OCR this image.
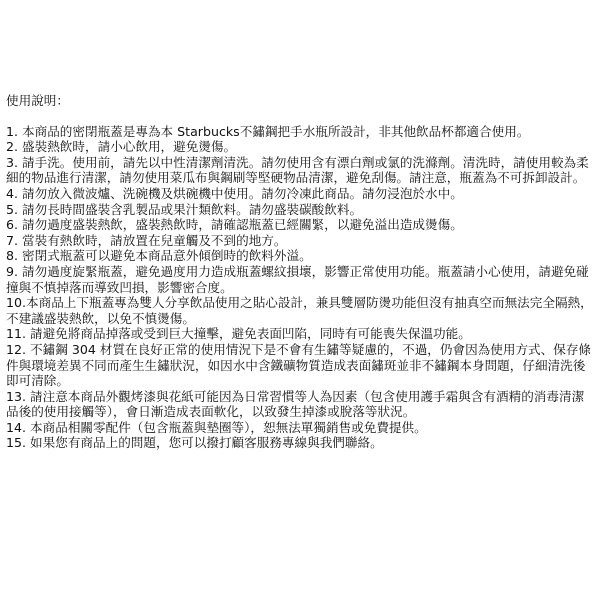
使用說明：

1. 本商品的密閉瓶蓋是專為本 Starbucks不鏽鋼把手水瓶所設計，非其他飲品杯都適合使用。

2. 盛裝熱飲時，請小心飲用，避免燙傷。

3. 請手洗。使用前，請先以中性清潔劑清洗。請勿使用含有漂白劑或氯的洗滌劑。清洗時，請使用較為柔細的物品進行清潔，請勿使用菜瓜布與鋼刷等堅硬物品清潔，避免刮傷。請注意，瓶蓋為不可拆卸設計。

4. 請勿放入微波爐、洗碗機及烘碗機中使用。請勿冷凍此商品。請勿浸泡於水中。

5. 請勿長時間盛裝含乳製品或果汁類飲料。請勿盛裝碳酸飲料。

6. 請勿過度盛裝熱飲，盛裝熱飲時，請確認瓶蓋已經關緊，以避免溢出造成燙傷。

7. 當裝有熱飲時，請放置在兒童觸及不到的地方。

8. 密閉式瓶蓋可以避免本商品意外傾倒時的飲料外溢。

9. 請勿過度旋緊瓶蓋，避免過度用力造成瓶蓋螺紋損壞，影響正常使用功能。瓶蓋請小心使用，請避免碰撞與不慎掉落而導致凹損，影響密合度。

10.本商品上下瓶蓋專為雙人分享飲品使用之貼心設計，兼具雙層防燙功能但沒有抽真空而無法完全隔熱，不建議盛裝熱飲，以免不慎燙傷。

11. 請避免將商品掉落或受到巨大撞擊，避免表面凹陷，同時有可能喪失保溫功能。

12. 不鏽鋼 304 材質在良好正常的使用情況下是不會有生鏽等疑慮的，不過，仍會因為使用方式、保存條件與環境差異不同而產生生鏽狀況，如因水中含鐵礦物質造成表面鏽斑並非不鏽鋼本身問題，仔細清洗後即可清除。

13. 請注意本商品外觀烤漆與花紙可能因為日常習慣等人為因素（包含使用護手霜與含有酒精的消毒清潔品後的使用接觸等），會日漸造成表面軟化，以致發生掉漆或脫落等狀況。

14. 本商品相關零配件（包含瓶蓋與墊圈等），恕無法單獨銷售或免費提供。

15. 如果您有商品上的問題，您可以撥打顧客服務專線與我們聯絡。
